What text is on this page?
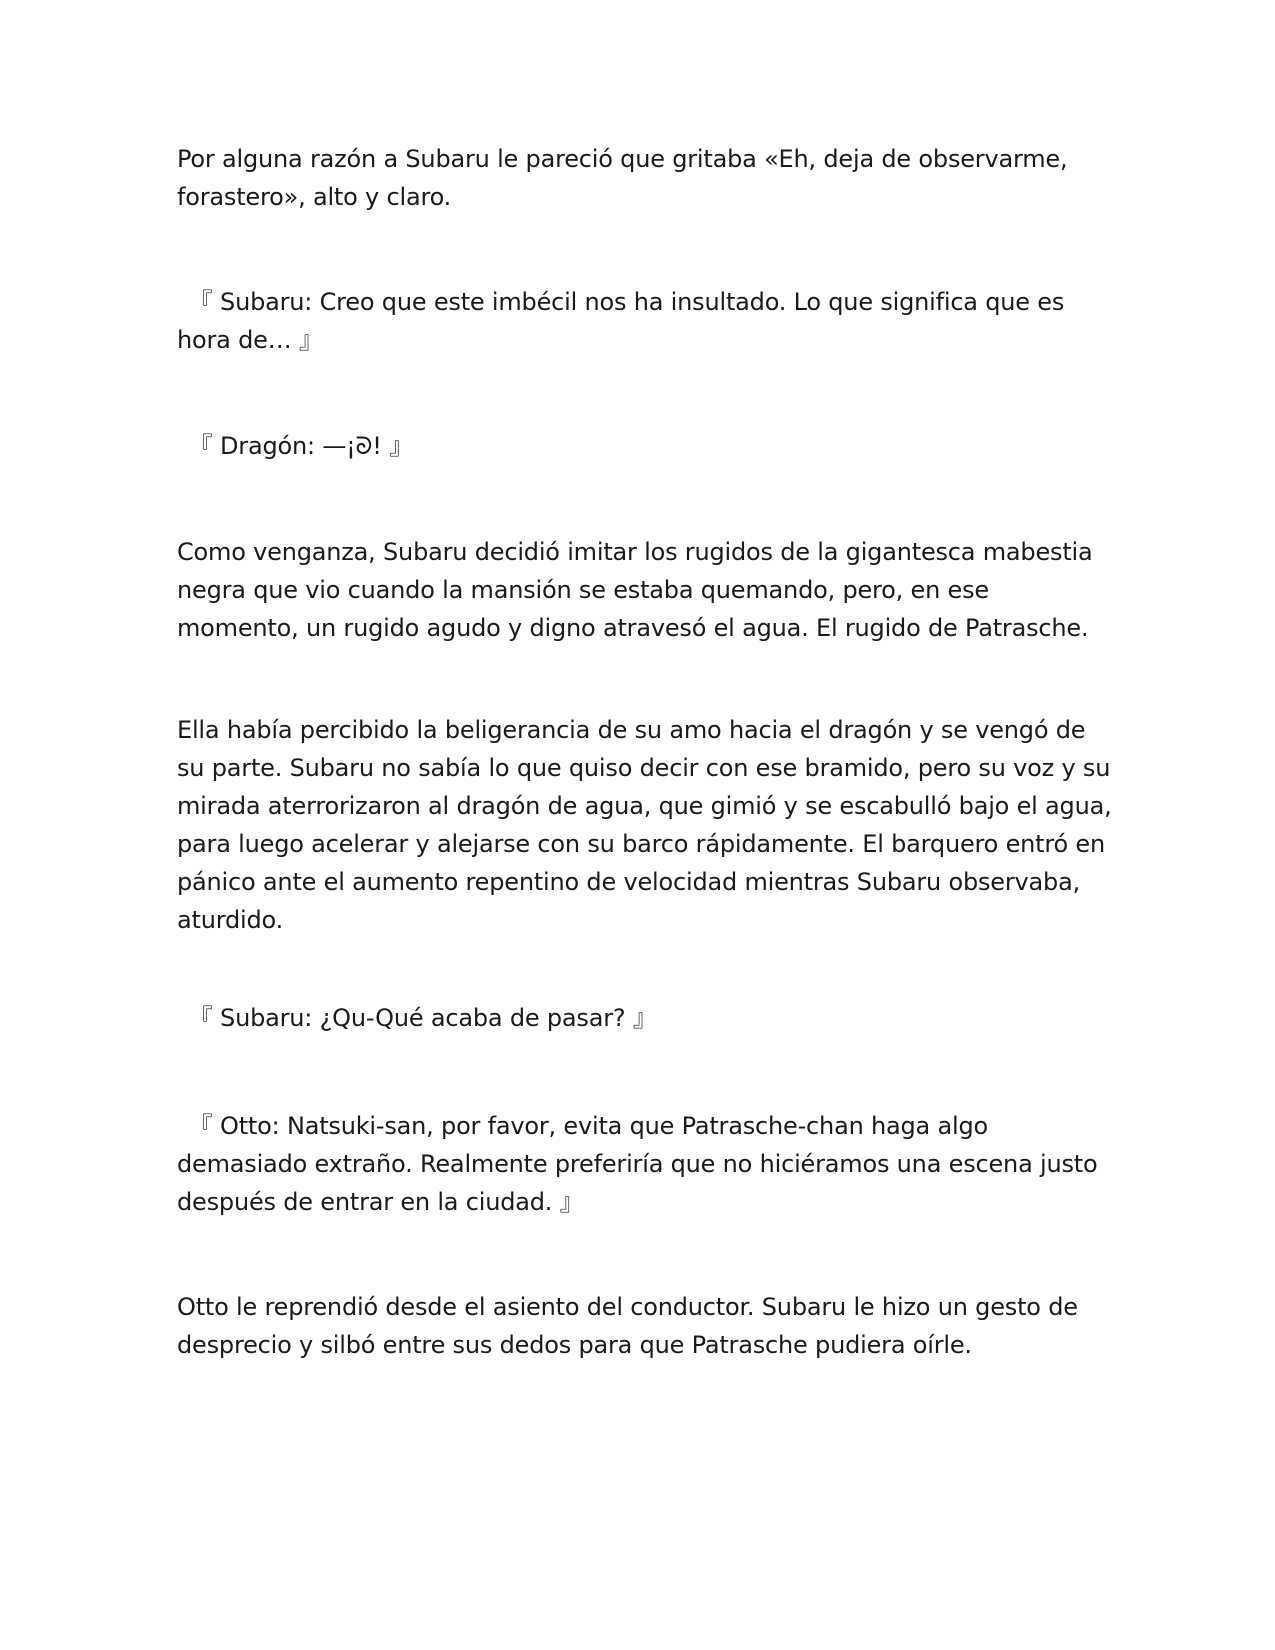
Por alguna razón a Subaru le pareció que gritaba «Eh, deja de observarme, forastero», alto y claro.

　『 Subaru: Creo que este imbécil nos ha insultado. Lo que significa que es hora de… 』

　『 Dragón: —¡ᘐ! 』

Como venganza, Subaru decidió imitar los rugidos de la gigantesca mabestia negra que vio cuando la mansión se estaba quemando, pero, en ese momento, un rugido agudo y digno atravesó el agua. El rugido de Patrasche.

Ella había percibido la beligerancia de su amo hacia el dragón y se vengó de su parte. Subaru no sabía lo que quiso decir con ese bramido, pero su voz y su mirada aterrorizaron al dragón de agua, que gimió y se escabulló bajo el agua, para luego acelerar y alejarse con su barco rápidamente. El barquero entró en pánico ante el aumento repentino de velocidad mientras Subaru observaba, aturdido.

　『 Subaru: ¿Qu-Qué acaba de pasar? 』

　『 Otto: Natsuki-san, por favor, evita que Patrasche-chan haga algo demasiado extraño. Realmente preferiría que no hiciéramos una escena justo después de entrar en la ciudad. 』

Otto le reprendió desde el asiento del conductor. Subaru le hizo un gesto de desprecio y silbó entre sus dedos para que Patrasche pudiera oírle.
